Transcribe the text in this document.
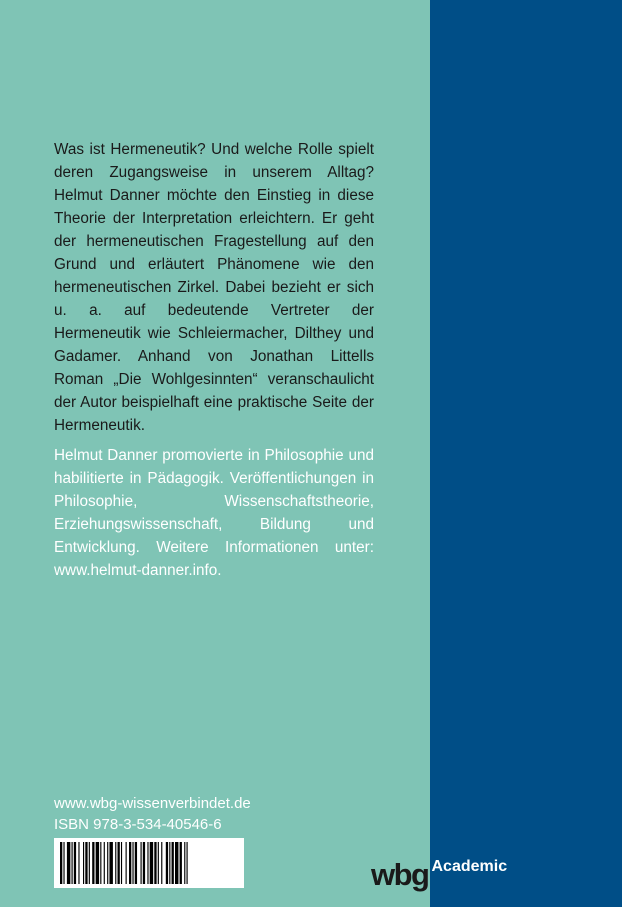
Was ist Hermeneutik? Und welche Rolle spielt deren Zugangsweise in unserem Alltag? Helmut Danner möchte den Einstieg in diese Theorie der Interpretation erleichtern. Er geht der hermeneutischen Fragestellung auf den Grund und erläutert Phänomene wie den hermeneutischen Zirkel. Dabei bezieht er sich u. a. auf bedeutende Vertreter der Hermeneutik wie Schleiermacher, Dilthey und Gadamer. Anhand von Jonathan Littells Roman „Die Wohlgesinnten“ veranschaulicht der Autor beispielhaft eine praktische Seite der Hermeneutik.

Helmut Danner promovierte in Philosophie und habilitierte in Pädagogik. Veröffentlichungen in Philosophie, Wissenschaftstheorie, Erziehungswissenschaft, Bildung und Entwicklung. Weitere Informationen unter: www.helmut-danner.info.

www.wbg-wissenverbindet.de
ISBN 978-3-534-40546-6
wbg Academic
